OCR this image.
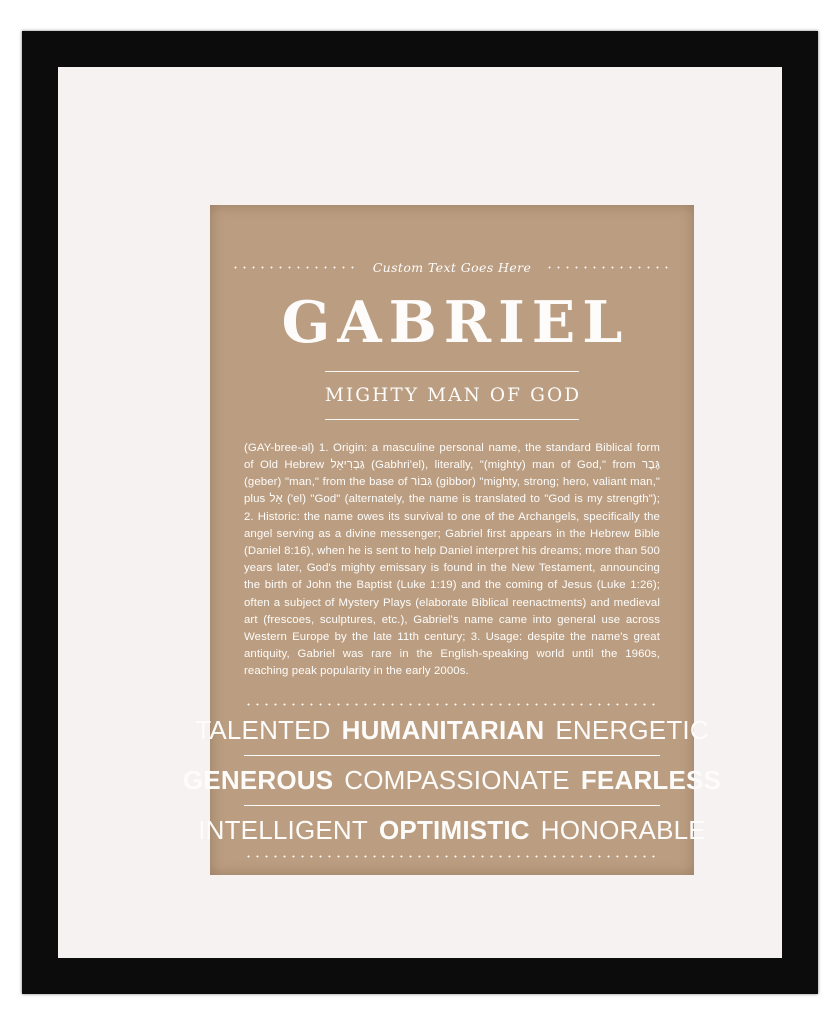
Custom Text Goes Here
GABRIEL
MIGHTY MAN OF GOD
(GAY-bree-əl) 1. Origin: a masculine personal name, the standard Biblical form of Old Hebrew גַּבְרִיאֵל (Gabhri'el), literally, "(mighty) man of God," from גֶּבֶר (geber) "man," from the base of גִּבּוֹר (gibbor) "mighty, strong; hero, valiant man," plus אֵל ('el) "God" (alternately, the name is translated to "God is my strength"); 2. Historic: the name owes its survival to one of the Archangels, specifically the angel serving as a divine messenger; Gabriel first appears in the Hebrew Bible (Daniel 8:16), when he is sent to help Daniel interpret his dreams; more than 500 years later, God's mighty emissary is found in the New Testament, announcing the birth of John the Baptist (Luke 1:19) and the coming of Jesus (Luke 1:26); often a subject of Mystery Plays (elaborate Biblical reenactments) and medieval art (frescoes, sculptures, etc.), Gabriel's name came into general use across Western Europe by the late 11th century; 3. Usage: despite the name's great antiquity, Gabriel was rare in the English-speaking world until the 1960s, reaching peak popularity in the early 2000s.
TALENTED HUMANITARIAN ENERGETIC
GENEROUS COMPASSIONATE FEARLESS
INTELLIGENT OPTIMISTIC HONORABLE
